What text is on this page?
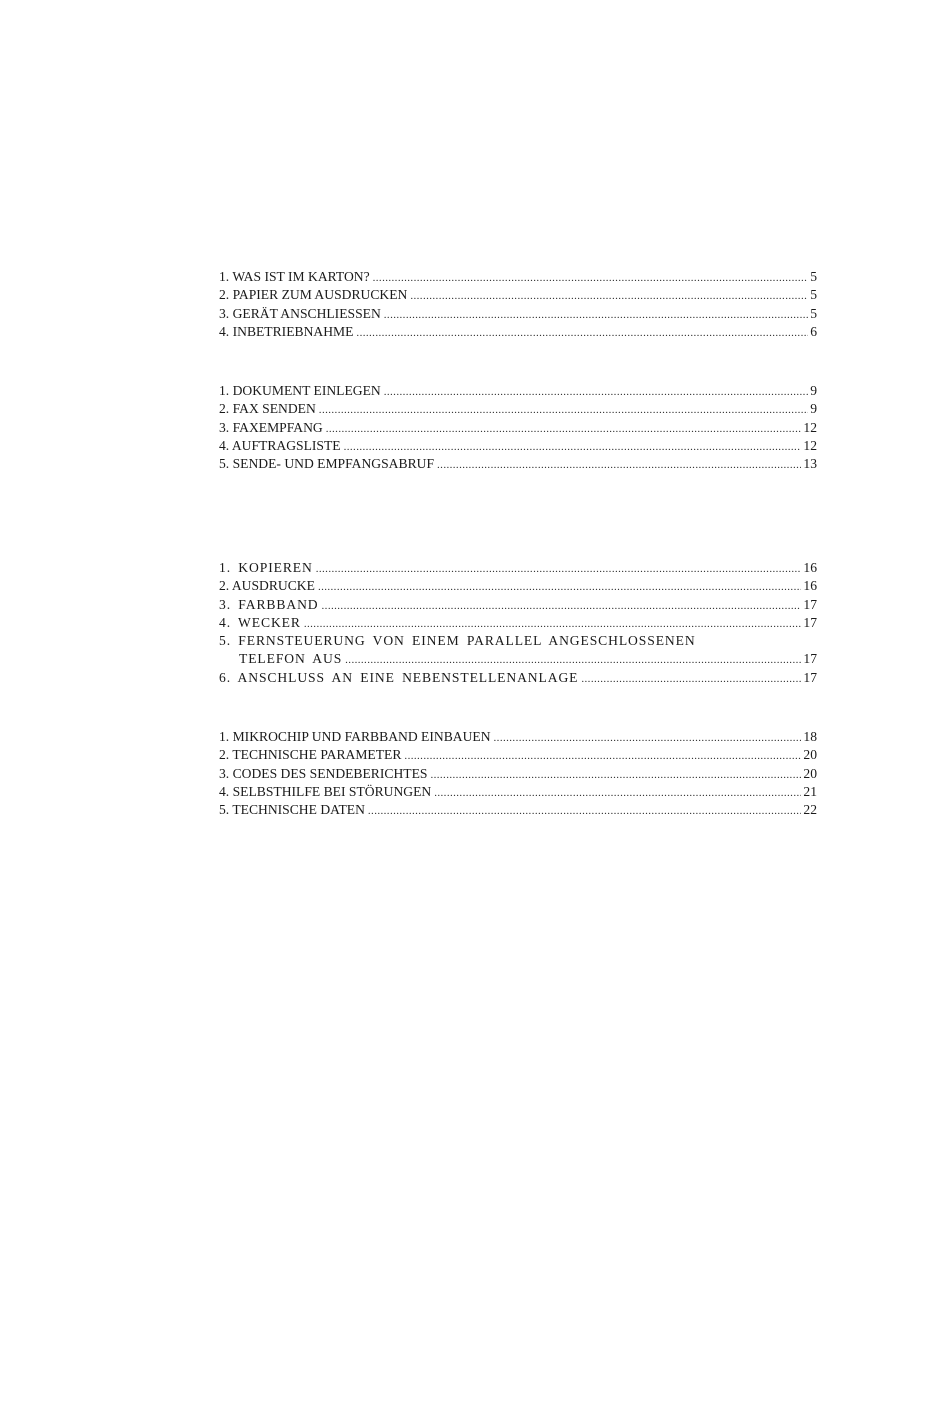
1. WAS IST IM KARTON? .....	5
2. PAPIER ZUM AUSDRUCKEN .....	5
3. GERÄT ANSCHLIESSEN .....	5
4. INBETRIEBNAHME .....	6
1. DOKUMENT EINLEGEN .....	9
2. FAX SENDEN .....	9
3. FAXEMPFANG .....	12
4. AUFTRAGSLISTE .....	12
5. SENDE- UND EMPFANGSABRUF .....	13
1. KOPIEREN .....	16
2. AUSDRUCKE .....	16
3. FARBBAND .....	17
4. WECKER .....	17
5. FERNSTEUERUNG VON EINEM PARALLEL ANGESCHLOSSENEN
TELEFON AUS .....	17
6. ANSCHLUSS AN EINE NEBENSTELLENANLAGE .....	17
1. MIKROCHIP UND FARBBAND EINBAUEN .....	18
2. TECHNISCHE PARAMETER .....	20
3. CODES DES SENDEBERICHTES .....	20
4. SELBSTHILFE BEI STÖRUNGEN .....	21
5. TECHNISCHE DATEN .....	22
